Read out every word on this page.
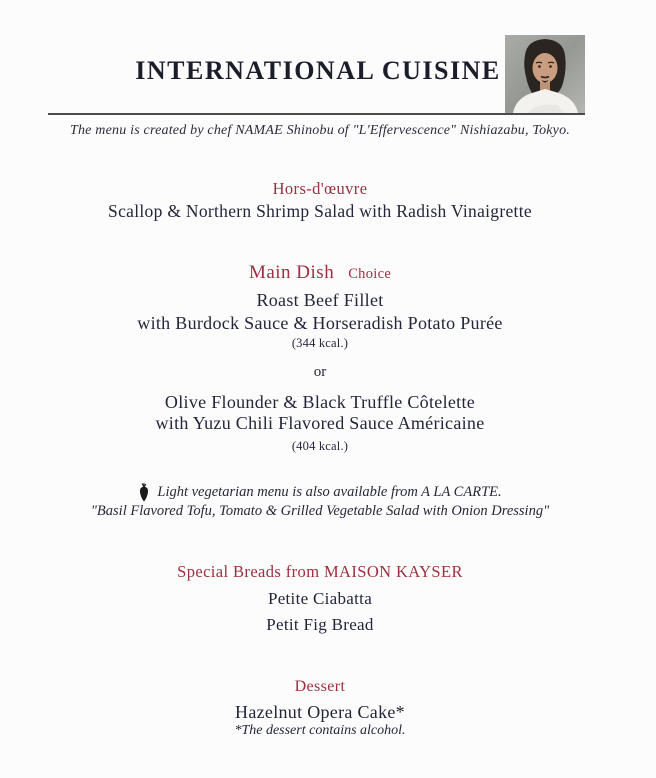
INTERNATIONAL CUISINE
The menu is created by chef NAMAE Shinobu of "L'Effervescence" Nishiazabu, Tokyo.
Hors-d'œuvre
Scallop & Northern Shrimp Salad with Radish Vinaigrette
Main Dish Choice
Roast Beef Fillet
with Burdock Sauce & Horseradish Potato Purée
(344 kcal.)
or
Olive Flounder & Black Truffle Côtelette
with Yuzu Chili Flavored Sauce Américaine
(404 kcal.)
Light vegetarian menu is also available from A LA CARTE.
"Basil Flavored Tofu, Tomato & Grilled Vegetable Salad with Onion Dressing"
Special Breads from MAISON KAYSER
Petite Ciabatta
Petit Fig Bread
Dessert
Hazelnut Opera Cake*
*The dessert contains alcohol.
